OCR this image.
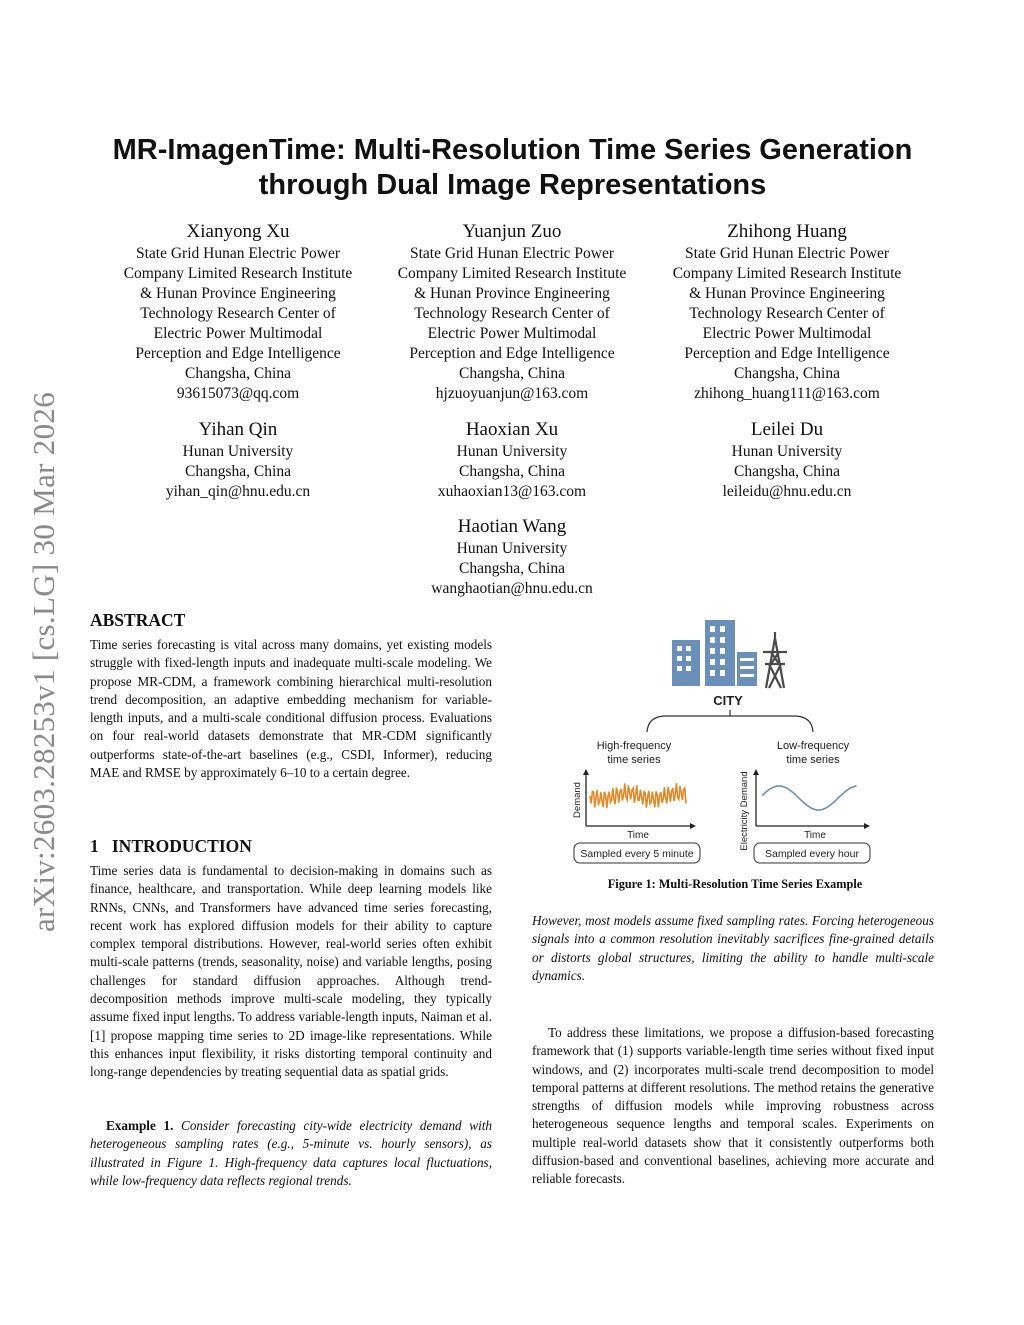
arXiv:2603.28253v1 [cs.LG] 30 Mar 2026
MR-ImagenTime: Multi-Resolution Time Series Generation through Dual Image Representations
Xianyong Xu
State Grid Hunan Electric Power
Company Limited Research Institute
& Hunan Province Engineering
Technology Research Center of
Electric Power Multimodal
Perception and Edge Intelligence
Changsha, China
93615073@qq.com
Yuanjun Zuo
State Grid Hunan Electric Power
Company Limited Research Institute
& Hunan Province Engineering
Technology Research Center of
Electric Power Multimodal
Perception and Edge Intelligence
Changsha, China
hjzuoyuanjun@163.com
Zhihong Huang
State Grid Hunan Electric Power
Company Limited Research Institute
& Hunan Province Engineering
Technology Research Center of
Electric Power Multimodal
Perception and Edge Intelligence
Changsha, China
zhihong_huang111@163.com
Yihan Qin
Hunan University
Changsha, China
yihan_qin@hnu.edu.cn
Haoxian Xu
Hunan University
Changsha, China
xuhaoxian13@163.com
Leilei Du
Hunan University
Changsha, China
leileidu@hnu.edu.cn
Haotian Wang
Hunan University
Changsha, China
wanghaotian@hnu.edu.cn
ABSTRACT
Time series forecasting is vital across many domains, yet existing models struggle with fixed-length inputs and inadequate multi-scale modeling. We propose MR-CDM, a framework combining hierarchical multi-resolution trend decomposition, an adaptive embedding mechanism for variable-length inputs, and a multi-scale conditional diffusion process. Evaluations on four real-world datasets demonstrate that MR-CDM significantly outperforms state-of-the-art baselines (e.g., CSDI, Informer), reducing MAE and RMSE by approximately 6–10 to a certain degree.
1   INTRODUCTION
Time series data is fundamental to decision-making in domains such as finance, healthcare, and transportation. While deep learning models like RNNs, CNNs, and Transformers have advanced time series forecasting, recent work has explored diffusion models for their ability to capture complex temporal distributions. However, real-world series often exhibit multi-scale patterns (trends, seasonality, noise) and variable lengths, posing challenges for standard diffusion approaches. Although trend-decomposition methods improve multi-scale modeling, they typically assume fixed input lengths. To address variable-length inputs, Naiman et al. [1] propose mapping time series to 2D image-like representations. While this enhances input flexibility, it risks distorting temporal continuity and long-range dependencies by treating sequential data as spatial grids.
Example 1. Consider forecasting city-wide electricity demand with heterogeneous sampling rates (e.g., 5-minute vs. hourly sensors), as illustrated in Figure 1. High-frequency data captures local fluctuations, while low-frequency data reflects regional trends.
CITY
High-frequency
time series
Demand
Time
Sampled every 5 minute
Low-frequency
time series
Electricity Demand	Time
Sampled every hour
Figure 1: Multi-Resolution Time Series Example
However, most models assume fixed sampling rates. Forcing heterogeneous signals into a common resolution inevitably sacrifices fine-grained details or distorts global structures, limiting the ability to handle multi-scale dynamics.
To address these limitations, we propose a diffusion-based forecasting framework that (1) supports variable-length time series without fixed input windows, and (2) incorporates multi-scale trend decomposition to model temporal patterns at different resolutions. The method retains the generative strengths of diffusion models while improving robustness across heterogeneous sequence lengths and temporal scales. Experiments on multiple real-world datasets show that it consistently outperforms both diffusion-based and conventional baselines, achieving more accurate and reliable forecasts.
